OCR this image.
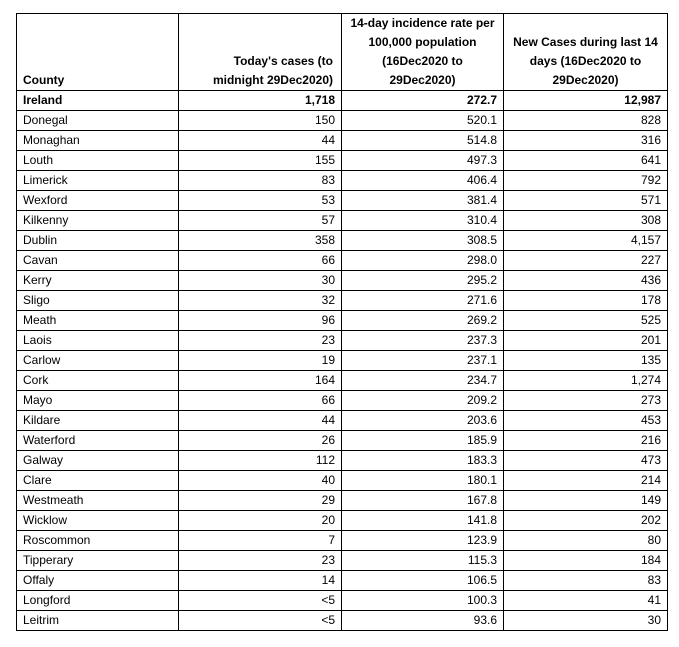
County	Today's cases (to midnight 29Dec2020)	14-day incidence rate per 100,000 population (16Dec2020 to 29Dec2020)	New Cases during last 14 days (16Dec2020 to 29Dec2020)
Ireland	1,718	272.7	12,987
Donegal	150	520.1	828
Monaghan	44	514.8	316
Louth	155	497.3	641
Limerick	83	406.4	792
Wexford	53	381.4	571
Kilkenny	57	310.4	308
Dublin	358	308.5	4,157
Cavan	66	298.0	227
Kerry	30	295.2	436
Sligo	32	271.6	178
Meath	96	269.2	525
Laois	23	237.3	201
Carlow	19	237.1	135
Cork	164	234.7	1,274
Mayo	66	209.2	273
Kildare	44	203.6	453
Waterford	26	185.9	216
Galway	112	183.3	473
Clare	40	180.1	214
Westmeath	29	167.8	149
Wicklow	20	141.8	202
Roscommon	7	123.9	80
Tipperary	23	115.3	184
Offaly	14	106.5	83
Longford	<5	100.3	41
Leitrim	<5	93.6	30
